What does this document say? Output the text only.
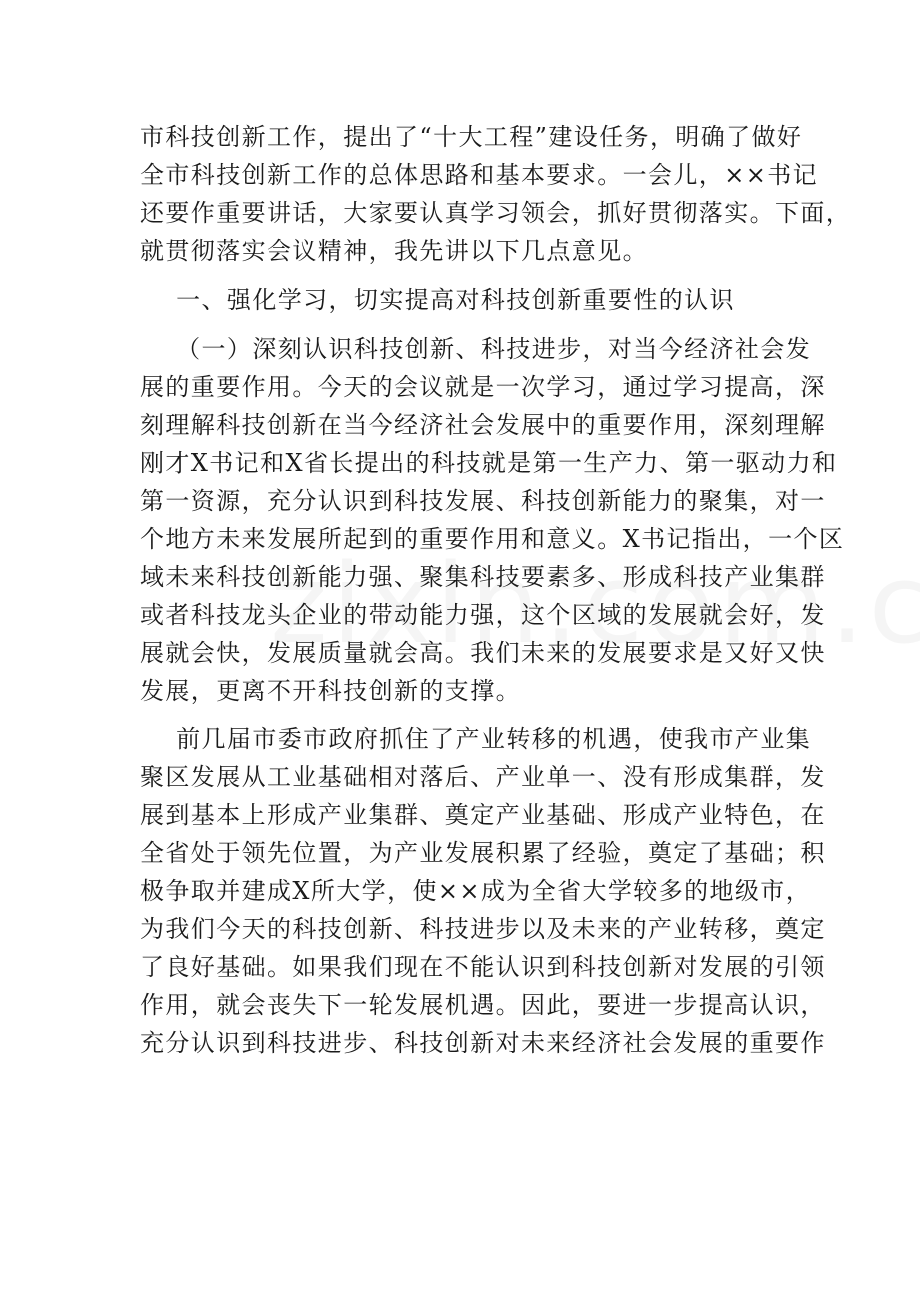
市科技创新工作，提出了“十大工程”建设任务，明确了做好
全市科技创新工作的总体思路和基本要求。一会儿，××书记
还要作重要讲话，大家要认真学习领会，抓好贯彻落实。下面，
就贯彻落实会议精神，我先讲以下几点意见。
一、强化学习，切实提高对科技创新重要性的认识
（一）深刻认识科技创新、科技进步，对当今经济社会发
展的重要作用。今天的会议就是一次学习，通过学习提高，深
刻理解科技创新在当今经济社会发展中的重要作用，深刻理解
刚才X书记和X省长提出的科技就是第一生产力、第一驱动力和
第一资源，充分认识到科技发展、科技创新能力的聚集，对一
个地方未来发展所起到的重要作用和意义。X书记指出，一个区
域未来科技创新能力强、聚集科技要素多、形成科技产业集群
或者科技龙头企业的带动能力强，这个区域的发展就会好，发
展就会快，发展质量就会高。我们未来的发展要求是又好又快
发展，更离不开科技创新的支撑。
前几届市委市政府抓住了产业转移的机遇，使我市产业集
聚区发展从工业基础相对落后、产业单一、没有形成集群，发
展到基本上形成产业集群、奠定产业基础、形成产业特色，在
全省处于领先位置，为产业发展积累了经验，奠定了基础；积
极争取并建成X所大学，使××成为全省大学较多的地级市，
为我们今天的科技创新、科技进步以及未来的产业转移，奠定
了良好基础。如果我们现在不能认识到科技创新对发展的引领
作用，就会丧失下一轮发展机遇。因此，要进一步提高认识，
充分认识到科技进步、科技创新对未来经济社会发展的重要作
